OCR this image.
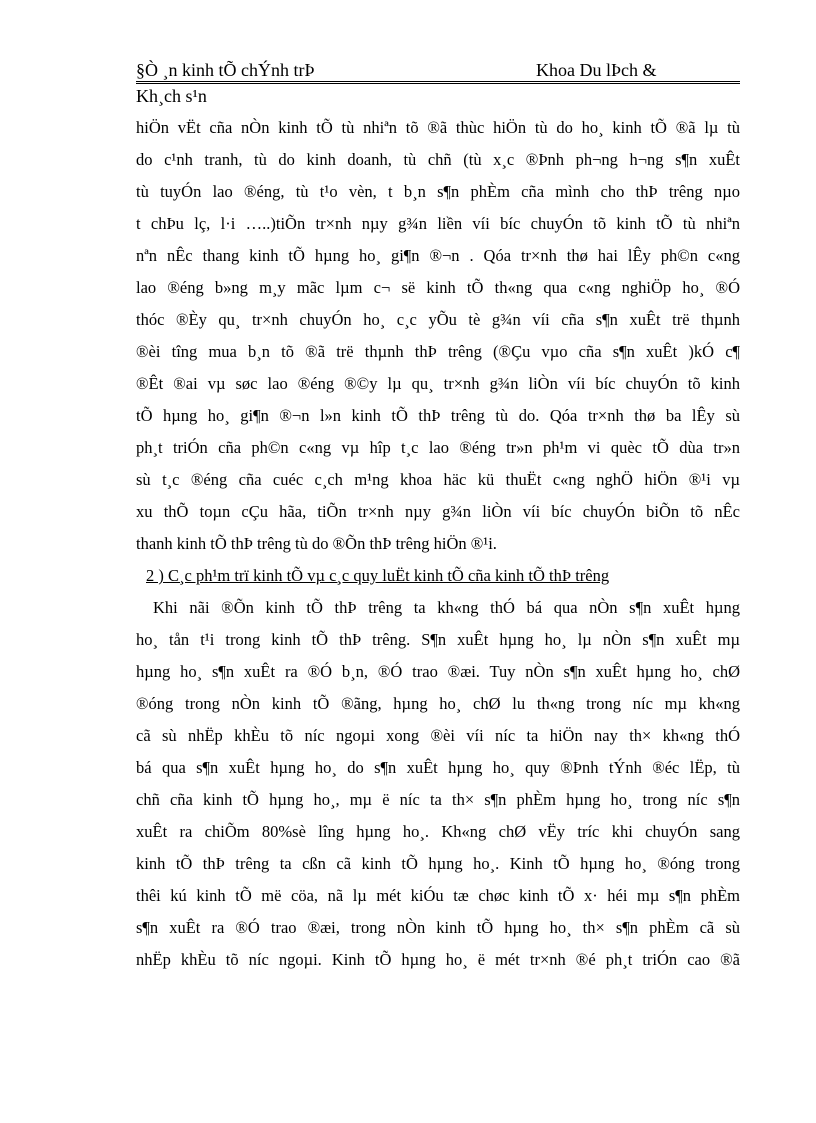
§Ò ¸n kinh tÕ chÝnh trÞ	Khoa Du lÞch &
Kh¸ch s¹n
hiÖn vËt cña nÒn kinh tÕ tù nhiªn tõ ®ã thùc hiÖn tù do ho¸ kinh tÕ ®ã lµ tù
do c¹nh tranh, tù do kinh doanh, tù chñ (tù x¸c ®Þnh ph¬ng h¬ng s¶n xuÊt
tù tuyÓn lao ®éng, tù t¹o vèn, t b¸n s¶n phÈm cña mình cho thÞ trêng nµo
t chÞu lç, l·i …..)tiÕn tr×nh nµy g¾n liền víi bíc chuyÓn tõ kinh tÕ tù nhiªn
nªn nÊc thang kinh tÕ hµng ho¸ gi¶n ®¬n . Qóa tr×nh thø hai lÊy ph©n c«ng
lao ®éng b»ng m¸y mãc lµm c¬ së kinh tÕ th«ng qua c«ng nghiÖp ho¸ ®Ó
thóc ®Èy qu¸ tr×nh chuyÓn ho¸ c¸c yÕu tè g¾n víi cña s¶n xuÊt trë thµnh
®èi tîng mua b¸n tõ ®ã trë thµnh thÞ trêng (®Çu vµo cña s¶n xuÊt )kÓ c¶
®Êt ®ai vµ søc lao ®éng ®©y lµ qu¸ tr×nh g¾n liÒn víi bíc chuyÓn tõ kinh
tÕ hµng ho¸ gi¶n ®¬n l»n kinh tÕ thÞ trêng tù do. Qóa tr×nh thø ba lÊy sù
ph¸t triÓn cña ph©n c«ng vµ hîp t¸c lao ®éng tr»n ph¹m vi quèc tÕ dùa tr»n
sù t¸c ®éng cña cuéc c¸ch m¹ng khoa häc kü thuËt c«ng nghÖ hiÖn ®¹i vµ
xu thÕ toµn cÇu hãa, tiÕn tr×nh nµy g¾n liÒn víi bíc chuyÓn biÕn tõ nÊc
thanh kinh tÕ thÞ trêng tù do ®Õn thÞ trêng hiÖn ®¹i.
2 ) C¸c ph¹m trï kinh tÕ vµ c¸c quy luËt kinh tÕ cña kinh tÕ thÞ trêng
Khi nãi ®Õn kinh tÕ thÞ trêng ta kh«ng thÓ bá qua nÒn s¶n xuÊt hµng
ho¸ tån t¹i trong kinh tÕ thÞ trêng. S¶n xuÊt hµng ho¸ lµ nÒn s¶n xuÊt mµ
hµng ho¸ s¶n xuÊt ra ®Ó b¸n, ®Ó trao ®æi. Tuy nÒn s¶n xuÊt hµng ho¸ chØ
®óng trong nÒn kinh tÕ ®ãng, hµng ho¸ chØ lu th«ng trong níc mµ kh«ng
cã sù nhËp khÈu tõ níc ngoµi xong ®èi víi níc ta hiÖn nay th× kh«ng thÓ
bá qua s¶n xuÊt hµng ho¸ do s¶n xuÊt hµng ho¸ quy ®Þnh tÝnh ®éc lËp, tù
chñ cña kinh tÕ hµng ho¸, mµ ë níc ta th× s¶n phÈm hµng ho¸ trong níc s¶n
xuÊt ra chiÕm 80%sè lîng hµng ho¸. Kh«ng chØ vËy tríc khi chuyÓn sang
kinh tÕ thÞ trêng ta cßn cã kinh tÕ hµng ho¸. Kinh tÕ hµng ho¸ ®óng trong
thêi kú kinh tÕ më cöa, nã lµ mét kiÓu tæ chøc kinh tÕ x· héi mµ s¶n phÈm
s¶n xuÊt ra ®Ó trao ®æi, trong nÒn kinh tÕ hµng ho¸ th× s¶n phÈm cã sù
nhËp khÈu tõ níc ngoµi. Kinh tÕ hµng ho¸ ë mét tr×nh ®é ph¸t triÓn cao ®ã
